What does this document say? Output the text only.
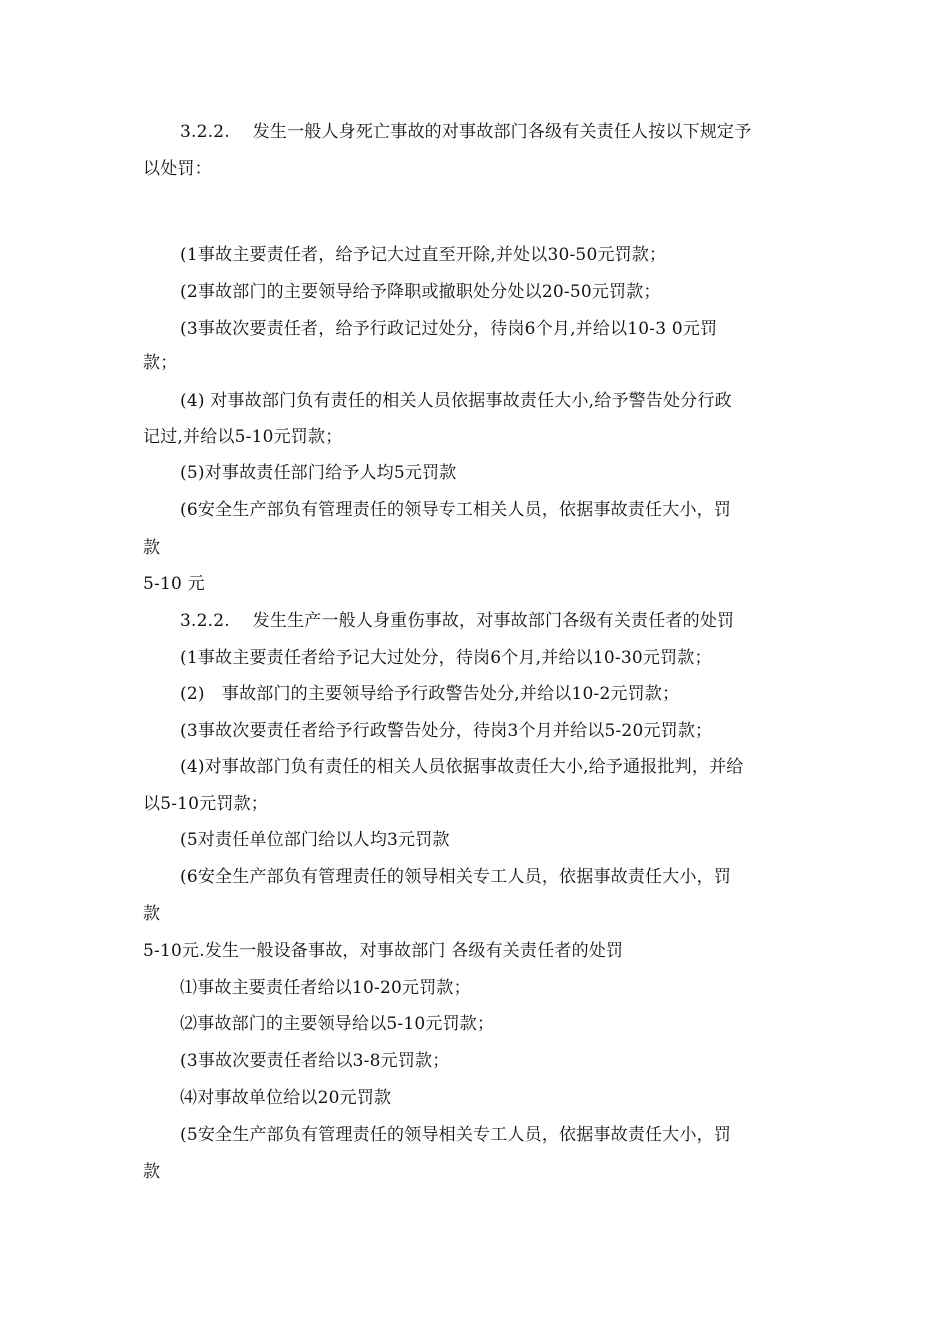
3.2.2.　 发生一般人身死亡事故的对事故部门各级有关责任人按以下规定予
以处罚：
(1事故主要责任者，给予记大过直至开除,并处以30-50元罚款；
(2事故部门的主要领导给予降职或撤职处分处以20-50元罚款；
(3事故次要责任者，给予行政记过处分，待岗6个月,并给以10-3 0元罚
款；
(4) 对事故部门负有责任的相关人员依据事故责任大小,给予警告处分行政
记过,并给以5-10元罚款；
(5)对事故责任部门给予人均5元罚款
(6安全生产部负有管理责任的领导专工相关人员，依据事故责任大小，罚
款
5-10 元
3.2.2.　 发生生产一般人身重伤事故，对事故部门各级有关责任者的处罚
(1事故主要责任者给予记大过处分，待岗6个月,并给以10-30元罚款；
(2)　事故部门的主要领导给予行政警告处分,并给以10-2元罚款；
(3事故次要责任者给予行政警告处分，待岗3个月并给以5-20元罚款；
(4)对事故部门负有责任的相关人员依据事故责任大小,给予通报批判，并给
以5-10元罚款；
(5对责任单位部门给以人均3元罚款
(6安全生产部负有管理责任的领导相关专工人员，依据事故责任大小，罚
款
5-10元.发生一般设备事故，对事故部门 各级有关责任者的处罚
⑴事故主要责任者给以10-20元罚款；
⑵事故部门的主要领导给以5-10元罚款；
(3事故次要责任者给以3-8元罚款；
⑷对事故单位给以20元罚款
(5安全生产部负有管理责任的领导相关专工人员，依据事故责任大小，罚
款
